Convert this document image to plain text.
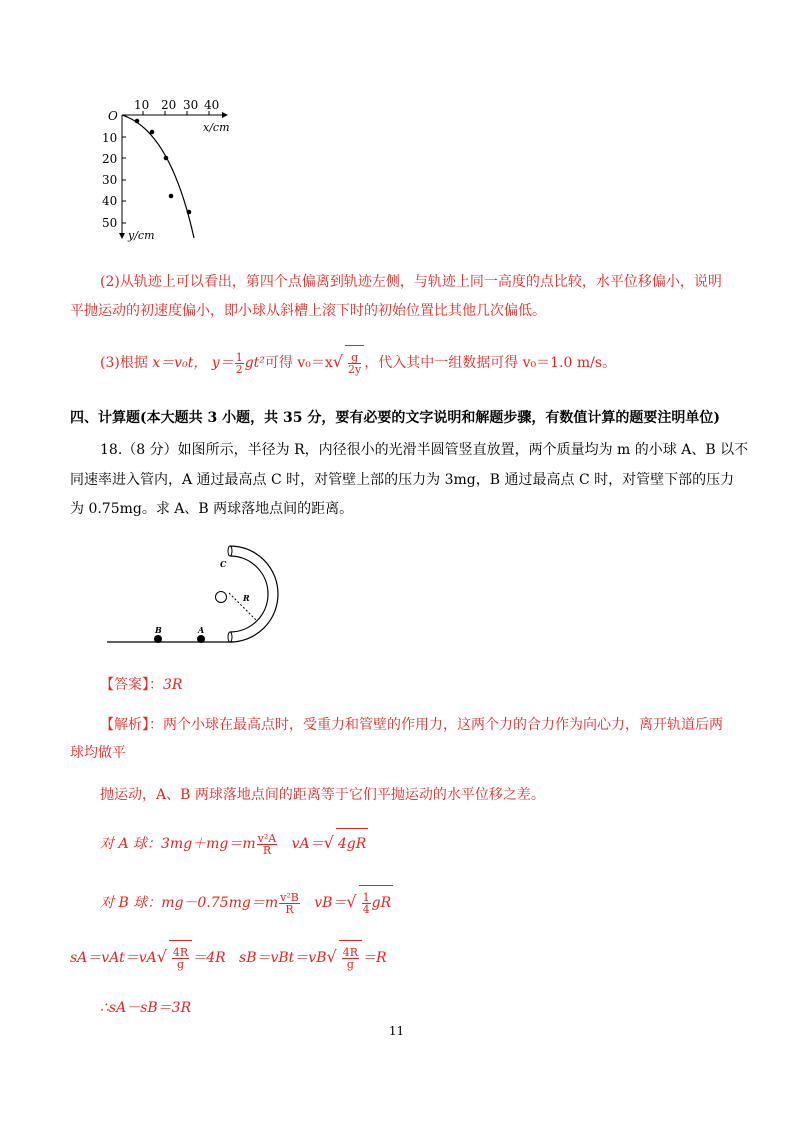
O
10 20 30 40
x/cm
10
20
30
40
50
y/cm
(2)从轨迹上可以看出，第四个点偏离到轨迹左侧，与轨迹上同一高度的点比较，水平位移偏小，说明
平抛运动的初速度偏小，即小球从斜槽上滚下时的初始位置比其他几次偏低。
(3)根据 x＝v₀t， $y= \frac{1}{2} gt^2$可得 $v_0=x√ \frac{g}{2y}$ ，代入其中一组数据可得 v₀＝1.0 m/s。
四、计算题(本大题共 3 小题，共 35 分，要有必要的文字说明和解题步骤，有数值计算的题要注明单位)
18.（8 分）如图所示，半径为 R，内径很小的光滑半圆管竖直放置，两个质量均为 m 的小球 A、B 以不
同速率进入管内，A 通过最高点 C 时，对管壁上部的压力为 3mg，B 通过最高点 C 时，对管壁下部的压力
为 0.75mg。求 A、B 两球落地点间的距离。
C
R
B	A
【答案】：3R
【解析】：两个小球在最高点时，受重力和管壁的作用力，这两个力的合力作为向心力，离开轨道后两
球均做平
抛运动，A、B 两球落地点间的距离等于它们平抛运动的水平位移之差。
对 A 球：$3mg+mg=m \frac{\text{v²A}}{R} vA=√$ 4gR
对 B 球：$mg-0.75mg=m \frac{\text{v²B}}{R} vB=√ \frac{1}{4}$ gR
$sA=vAt=vA√ \frac{4R}{g} =4R$ $sB=vBt=vB√ \frac{4R}{g} =R$
∴sA－sB＝3R
11
